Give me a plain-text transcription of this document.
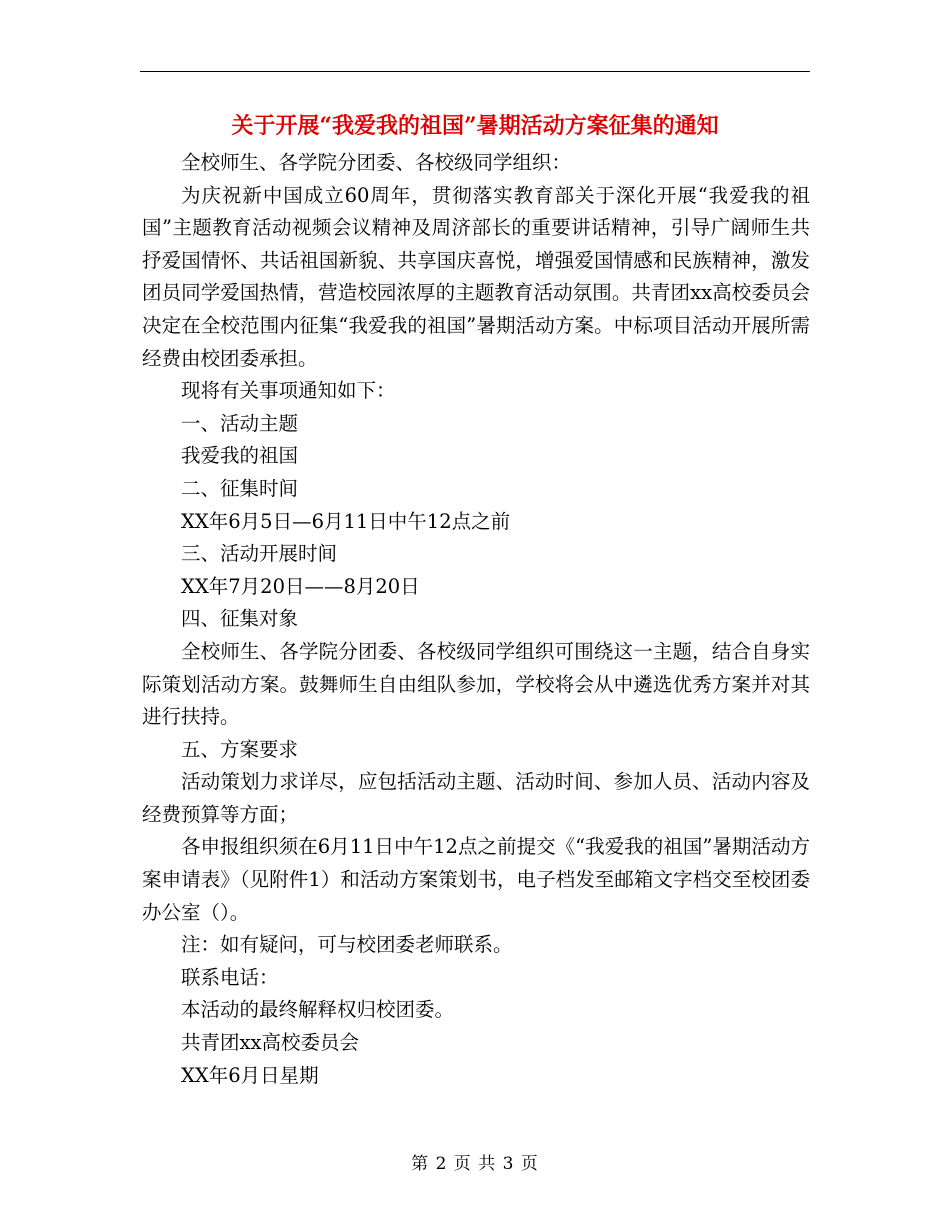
关于开展“我爱我的祖国”暑期活动方案征集的通知

全校师生、各学院分团委、各校级同学组织：

为庆祝新中国成立60周年，贯彻落实教育部关于深化开展“我爱我的祖国”主题教育活动视频会议精神及周济部长的重要讲话精神，引导广阔师生共抒爱国情怀、共话祖国新貌、共享国庆喜悦，增强爱国情感和民族精神，激发团员同学爱国热情，营造校园浓厚的主题教育活动氛围。共青团xx高校委员会决定在全校范围内征集“我爱我的祖国”暑期活动方案。中标项目活动开展所需经费由校团委承担。

现将有关事项通知如下：

一、活动主题

我爱我的祖国

二、征集时间

XX年6月5日—6月11日中午12点之前

三、活动开展时间

XX年7月20日——8月20日

四、征集对象

全校师生、各学院分团委、各校级同学组织可围绕这一主题，结合自身实际策划活动方案。鼓舞师生自由组队参加，学校将会从中遴选优秀方案并对其进行扶持。

五、方案要求

活动策划力求详尽，应包括活动主题、活动时间、参加人员、活动内容及经费预算等方面；

各申报组织须在6月11日中午12点之前提交《“我爱我的祖国”暑期活动方案申请表》（见附件1）和活动方案策划书，电子档发至邮箱文字档交至校团委办公室（）。

注：如有疑问，可与校团委老师联系。

联系电话：

本活动的最终解释权归校团委。

共青团xx高校委员会

XX年6月日星期

第 2 页 共 3 页
